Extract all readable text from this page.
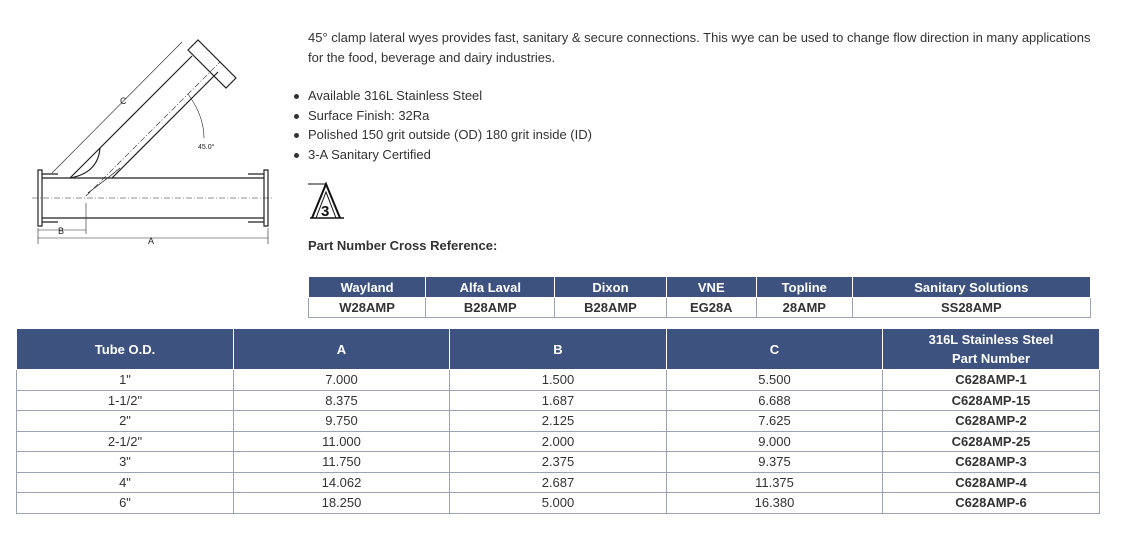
C
45.0°
A
B

45° clamp lateral wyes provides fast, sanitary & secure connections. This wye can be used to change flow direction in many applications for the food, beverage and dairy industries.

Available 316L Stainless Steel
Surface Finish: 32Ra
Polished 150 grit outside (OD) 180 grit inside (ID)
3-A Sanitary Certified
3
Part Number Cross Reference:
Wayland	Alfa Laval	Dixon	VNE	Topline	Sanitary Solutions
W28AMP	B28AMP	B28AMP	EG28A	28AMP	SS28AMP
Tube O.D.	A	B	C	316L Stainless Steel
Part Number

1"	7.000	1.500	5.500	C628AMP-1
1-1/2"	8.375	1.687	6.688	C628AMP-15
2"	9.750	2.125	7.625	C628AMP-2
2-1/2"	11.000	2.000	9.000	C628AMP-25
3"	11.750	2.375	9.375	C628AMP-3
4"	14.062	2.687	11.375	C628AMP-4
6"	18.250	5.000	16.380	C628AMP-6
